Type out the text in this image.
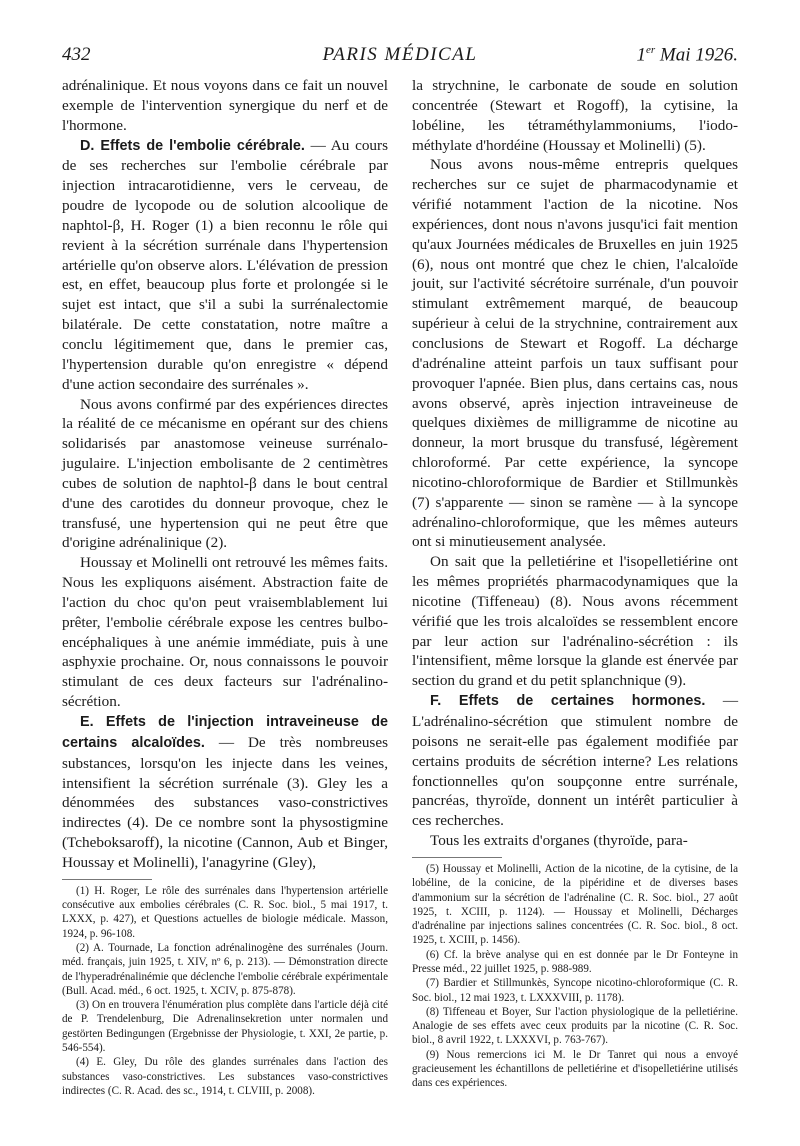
432	PARIS MÉDICAL	1er Mai 1926.

adrénalinique. Et nous voyons dans ce fait un nouvel exemple de l'intervention synergique du nerf et de l'hormone.

D. Effets de l'embolie cérébrale. — Au cours de ses recherches sur l'embolie cérébrale par injection intracarotidienne, vers le cerveau, de poudre de lycopode ou de solution alcoolique de naphtol-β, H. Roger (1) a bien reconnu le rôle qui revient à la sécrétion surrénale dans l'hypertension artérielle qu'on observe alors. L'élévation de pression est, en effet, beaucoup plus forte et prolongée si le sujet est intact, que s'il a subi la surrénalectomie bilatérale. De cette constatation, notre maître a conclu légitimement que, dans le premier cas, l'hypertension durable qu'on enregistre « dépend d'une action secondaire des surrénales ».

Nous avons confirmé par des expériences directes la réalité de ce mécanisme en opérant sur des chiens solidarisés par anastomose veineuse surrénalo-jugulaire. L'injection embolisante de 2 centimètres cubes de solution de naphtol-β dans le bout central d'une des carotides du donneur provoque, chez le transfusé, une hypertension qui ne peut être que d'origine adrénalinique (2).

Houssay et Molinelli ont retrouvé les mêmes faits. Nous les expliquons aisément. Abstraction faite de l'action du choc qu'on peut vraisemblablement lui prêter, l'embolie cérébrale expose les centres bulbo-encéphaliques à une anémie immédiate, puis à une asphyxie prochaine. Or, nous connaissons le pouvoir stimulant de ces deux facteurs sur l'adrénalino-sécrétion.

E. Effets de l'injection intraveineuse de certains alcaloïdes. — De très nombreuses substances, lorsqu'on les injecte dans les veines, intensifient la sécrétion surrénale (3). Gley les a dénommées des substances vaso-constrictives indirectes (4). De ce nombre sont la physostigmine (Tcheboksaroff), la nicotine (Cannon, Aub et Binger, Houssay et Molinelli), l'anagyrine (Gley),

(1) H. Roger, Le rôle des surrénales dans l'hypertension artérielle consécutive aux embolies cérébrales (C. R. Soc. biol., 5 mai 1917, t. LXXX, p. 427), et Questions actuelles de biologie médicale. Masson, 1924, p. 96-108.

(2) A. Tournade, La fonction adrénalinogène des surrénales (Journ. méd. français, juin 1925, t. XIV, nº 6, p. 213). — Démonstration directe de l'hyperadrénalinémie que déclenche l'embolie cérébrale expérimentale (Bull. Acad. méd., 6 oct. 1925, t. XCIV, p. 875-878).

(3) On en trouvera l'énumération plus complète dans l'article déjà cité de P. Trendelenburg, Die Adrenalinsekretion unter normalen und gestörten Bedingungen (Ergebnisse der Physiologie, t. XXI, 2e partie, p. 546-554).

(4) E. Gley, Du rôle des glandes surrénales dans l'action des substances vaso-constrictives. Les substances vaso-constrictives indirectes (C. R. Acad. des sc., 1914, t. CLVIII, p. 2008).

la strychnine, le carbonate de soude en solution concentrée (Stewart et Rogoff), la cytisine, la lobéline, les tétraméthylammoniums, l'iodo-méthylate d'hordéine (Houssay et Molinelli) (5).

Nous avons nous-même entrepris quelques recherches sur ce sujet de pharmacodynamie et vérifié notamment l'action de la nicotine. Nos expériences, dont nous n'avons jusqu'ici fait mention qu'aux Journées médicales de Bruxelles en juin 1925 (6), nous ont montré que chez le chien, l'alcaloïde jouit, sur l'activité sécrétoire surrénale, d'un pouvoir stimulant extrêmement marqué, de beaucoup supérieur à celui de la strychnine, contrairement aux conclusions de Stewart et Rogoff. La décharge d'adrénaline atteint parfois un taux suffisant pour provoquer l'apnée. Bien plus, dans certains cas, nous avons observé, après injection intraveineuse de quelques dixièmes de milligramme de nicotine au donneur, la mort brusque du transfusé, légèrement chloroformé. Par cette expérience, la syncope nicotino-chloroformique de Bardier et Stillmunkès (7) s'apparente — sinon se ramène — à la syncope adrénalino-chloroformique, que les mêmes auteurs ont si minutieusement analysée.

On sait que la pelletiérine et l'isopelletiérine ont les mêmes propriétés pharmacodynamiques que la nicotine (Tiffeneau) (8). Nous avons récemment vérifié que les trois alcaloïdes se ressemblent encore par leur action sur l'adrénalino-sécrétion : ils l'intensifient, même lorsque la glande est énervée par section du grand et du petit splanchnique (9).

F. Effets de certaines hormones. — L'adrénalino-sécrétion que stimulent nombre de poisons ne serait-elle pas également modifiée par certains produits de sécrétion interne? Les relations fonctionnelles qu'on soupçonne entre surrénale, pancréas, thyroïde, donnent un intérêt particulier à ces recherches.

Tous les extraits d'organes (thyroïde, para-

(5) Houssay et Molinelli, Action de la nicotine, de la cytisine, de la lobéline, de la conicine, de la pipéridine et de diverses bases d'ammonium sur la sécrétion de l'adrénaline (C. R. Soc. biol., 27 août 1925, t. XCIII, p. 1124). — Houssay et Molinelli, Décharges d'adrénaline par injections salines concentrées (C. R. Soc. biol., 8 oct. 1925, t. XCIII, p. 1456).

(6) Cf. la brève analyse qui en est donnée par le Dr Fonteyne in Presse méd., 22 juillet 1925, p. 988-989.

(7) Bardier et Stillmunkès, Syncope nicotino-chloroformique (C. R. Soc. biol., 12 mai 1923, t. LXXXVIII, p. 1178).

(8) Tiffeneau et Boyer, Sur l'action physiologique de la pelletiérine. Analogie de ses effets avec ceux produits par la nicotine (C. R. Soc. biol., 8 avril 1922, t. LXXXVI, p. 763-767).

(9) Nous remercions ici M. le Dr Tanret qui nous a envoyé gracieusement les échantillons de pelletiérine et d'isopelletiérine utilisés dans ces expériences.
